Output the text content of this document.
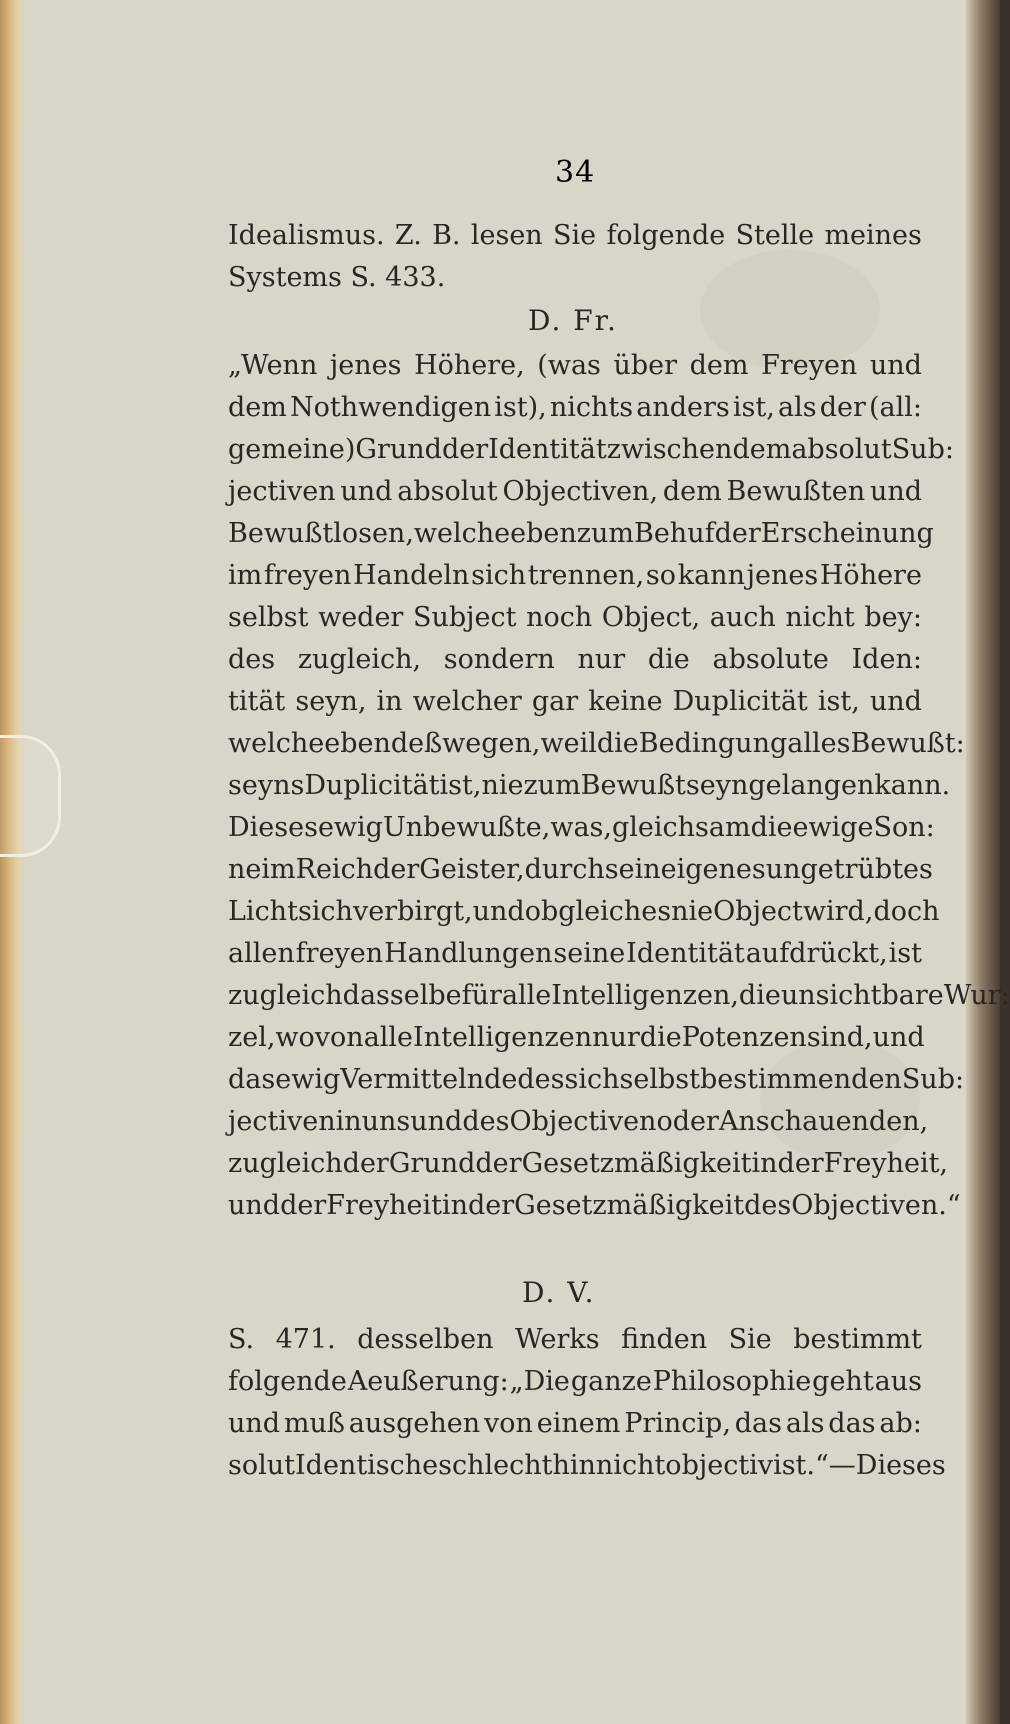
34
Idealismus. Z. B. lesen Sie folgende Stelle meines
Systems S. 433.
D. Fr.
„Wenn jenes Höhere, (was über dem Freyen und
dem Nothwendigen ist), nichts anders ist, als der (all:
gemeine) Grund der Identität zwischen dem absolut Sub:
jectiven und absolut Objectiven, dem Bewußten und
Bewußtlosen, welche eben zum Behuf der Erscheinung
im freyen Handeln sich trennen, so kann jenes Höhere
selbst weder Subject noch Object, auch nicht bey:
des zugleich, sondern nur die absolute Iden:
tität seyn, in welcher gar keine Duplicität ist, und
welche ebendeßwegen, weil die Bedingung alles Bewußt:
seyns Duplicität ist, nie zum Bewußtseyn gelangen kann.
Dieses ewig Unbewußte, was, gleichsam die ewige Son:
ne im Reich der Geister, durch sein eigenes ungetrübtes
Licht sich verbirgt, und obgleich es nie Object wird, doch
allen freyen Handlungen seine Identität aufdrückt, ist
zugleich dasselbe für alle Intelligenzen, die unsichtbare Wur:
zel, wovon alle Intelligenzen nur die Potenzen sind, und
das ewig Vermittelnde des sich selbst bestimmenden Sub:
jectiven in uns und des Objectiven oder Anschauenden,
zugleich der Grund der Gesetzmäßigkeit in der Freyheit,
und der Freyheit in der Gesetzmäßigkeit des Objectiven.“
D. V.
S. 471. desselben Werks finden Sie bestimmt
folgende Aeußerung: „Die ganze Philosophie geht aus
und muß ausgehen von einem Princip, das als das ab:
solut Identische schlechthin nichtobjectiv ist.“ — Dieses
